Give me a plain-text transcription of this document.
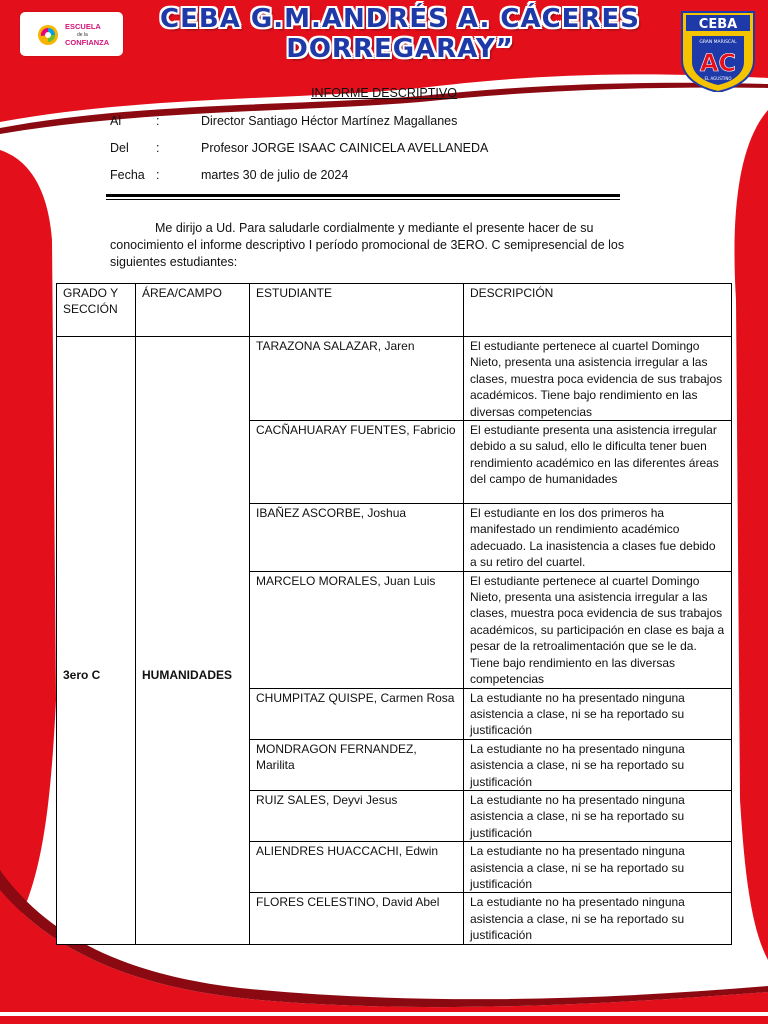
ESCUELA
de la
CONFIANZA
CEBA G.M.ANDRÉS A. CÁCERES
DORREGARAY”
CEBA
GRAN MARISCAL
AC
EL AGUSTINO
INFORME DESCRIPTIVO
Al	:	Director Santiago Héctor Martínez Magallanes
Del :	Profesor JORGE ISAAC CAINICELA AVELLANEDA
Fecha :	martes 30 de julio de 2024
Me dirijo a Ud. Para saludarle cordialmente y mediante el presente hacer de su
conocimiento el informe descriptivo I período promocional de 3ERO. C semipresencial de los
siguientes estudiantes:
GRADO Y SECCIÓN	ÁREA/CAMPO	ESTUDIANTE	DESCRIPCIÓN

3ero C	HUMANIDADES	TARAZONA SALAZAR, Jaren	El estudiante pertenece al cuartel Domingo Nieto, presenta una asistencia irregular a las clases, muestra poca evidencia de sus trabajos académicos. Tiene bajo rendimiento en las diversas competencias
		CACÑAHUARAY FUENTES, Fabricio	El estudiante presenta una asistencia irregular debido a su salud, ello le dificulta tener buen rendimiento académico en las diferentes áreas del campo de humanidades
		IBAÑEZ ASCORBE, Joshua	El estudiante en los dos primeros ha manifestado un rendimiento académico adecuado. La inasistencia a clases fue debido a su retiro del cuartel.
		MARCELO MORALES, Juan Luis	El estudiante pertenece al cuartel Domingo Nieto, presenta una asistencia irregular a las clases, muestra poca evidencia de sus trabajos académicos, su participación en clase es baja a pesar de la retroalimentación que se le da. Tiene bajo rendimiento en las diversas competencias
		CHUMPITAZ QUISPE, Carmen Rosa	La estudiante no ha presentado ninguna asistencia a clase, ni se ha reportado su justificación
		MONDRAGON FERNANDEZ, Marilita	La estudiante no ha presentado ninguna asistencia a clase, ni se ha reportado su justificación
		RUIZ SALES, Deyvi Jesus	La estudiante no ha presentado ninguna asistencia a clase, ni se ha reportado su justificación
		ALIENDRES HUACCACHI, Edwin	La estudiante no ha presentado ninguna asistencia a clase, ni se ha reportado su justificación
		FLORES CELESTINO, David Abel	La estudiante no ha presentado ninguna asistencia a clase, ni se ha reportado su justificación
